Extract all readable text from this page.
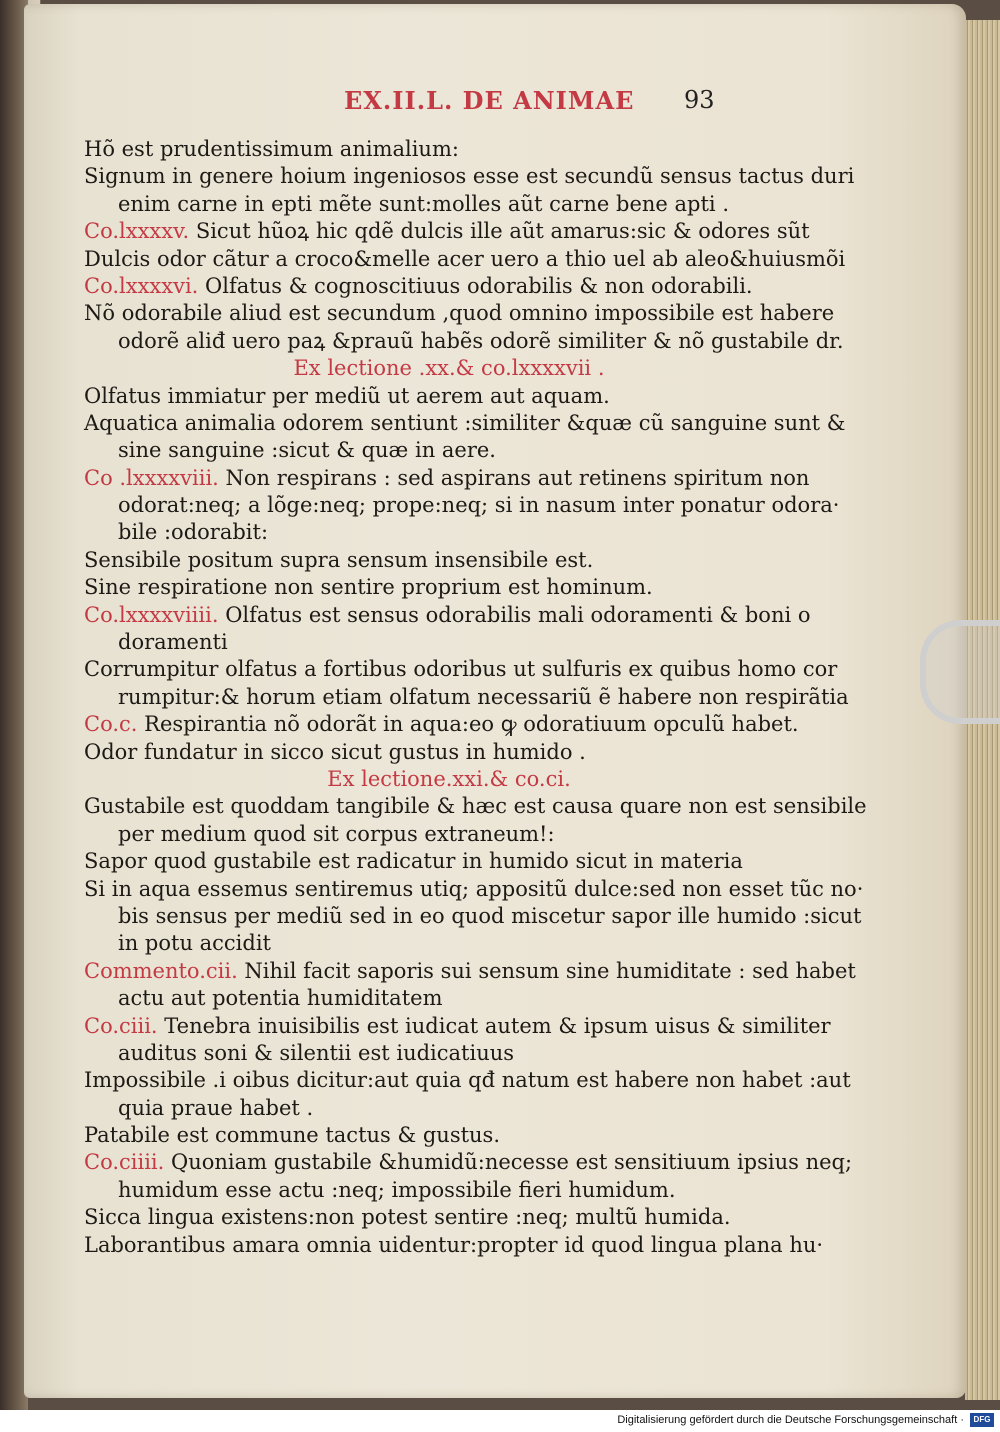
EX.II.L. DE ANIMAE 93
Hõ est prudentissimum animalium:
Signum in genere hoium ingeniosos esse est secundũ sensus tactus duri
enim carne in epti mẽte sunt:molles aũt carne bene apti .
Co.lxxxxv. Sicut hũoꝝ hic qdẽ dulcis ille aũt amarus:sic & odores sũt
Dulcis odor cãtur a croco&melle acer uero a thio uel ab aleo&huiusmõi
Co.lxxxxvi. Olfatus & cognoscitiuus odorabilis & non odorabili.
Nõ odorabile aliud est secundum ,quod omnino impossibile est habere
odorẽ aliđ uero paꝝ &prauũ habẽs odorẽ similiter & nõ gustabile dr.
Ex lectione .xx.& co.lxxxxvii .
Olfatus immiatur per mediũ ut aerem aut aquam.
Aquatica animalia odorem sentiunt :similiter &quæ cũ sanguine sunt &
sine sanguine :sicut & quæ in aere.
Co .lxxxxviii. Non respirans : sed aspirans aut retinens spiritum non
odorat:neq; a lõge:neq; prope:neq; si in nasum inter ponatur odora·
bile :odorabit:
Sensibile positum supra sensum insensibile est.
Sine respiratione non sentire proprium est hominum.
Co.lxxxxviiii. Olfatus est sensus odorabilis mali odoramenti & boni o
doramenti
Corrumpitur olfatus a fortibus odoribus ut sulfuris ex quibus homo cor
rumpitur:& horum etiam olfatum necessariũ ẽ habere non respirãtia
Co.c. Respirantia nõ odorãt in aqua:eo ꝙ odoratiuum opculũ habet.
Odor fundatur in sicco sicut gustus in humido .
Ex lectione.xxi.& co.ci.
Gustabile est quoddam tangibile & hæc est causa quare non est sensibile
per medium quod sit corpus extraneum!:
Sapor quod gustabile est radicatur in humido sicut in materia
Si in aqua essemus sentiremus utiq; appositũ dulce:sed non esset tũc no·
bis sensus per mediũ sed in eo quod miscetur sapor ille humido :sicut
in potu accidit
Commento.cii. Nihil facit saporis sui sensum sine humiditate : sed habet
actu aut potentia humiditatem
Co.ciii. Tenebra inuisibilis est iudicat autem & ipsum uisus & similiter
auditus soni & silentii est iudicatiuus
Impossibile .i oibus dicitur:aut quia qđ natum est habere non habet :aut
quia praue habet .
Patabile est commune tactus & gustus.
Co.ciiii. Quoniam gustabile &humidũ:necesse est sensitiuum ipsius neq;
humidum esse actu :neq; impossibile fieri humidum.
Sicca lingua existens:non potest sentire :neq; multũ humida.
Laborantibus amara omnia uidentur:propter id quod lingua plana hu·
Digitalisierung gefördert durch die Deutsche Forschungsgemeinschaft ·	DFG
